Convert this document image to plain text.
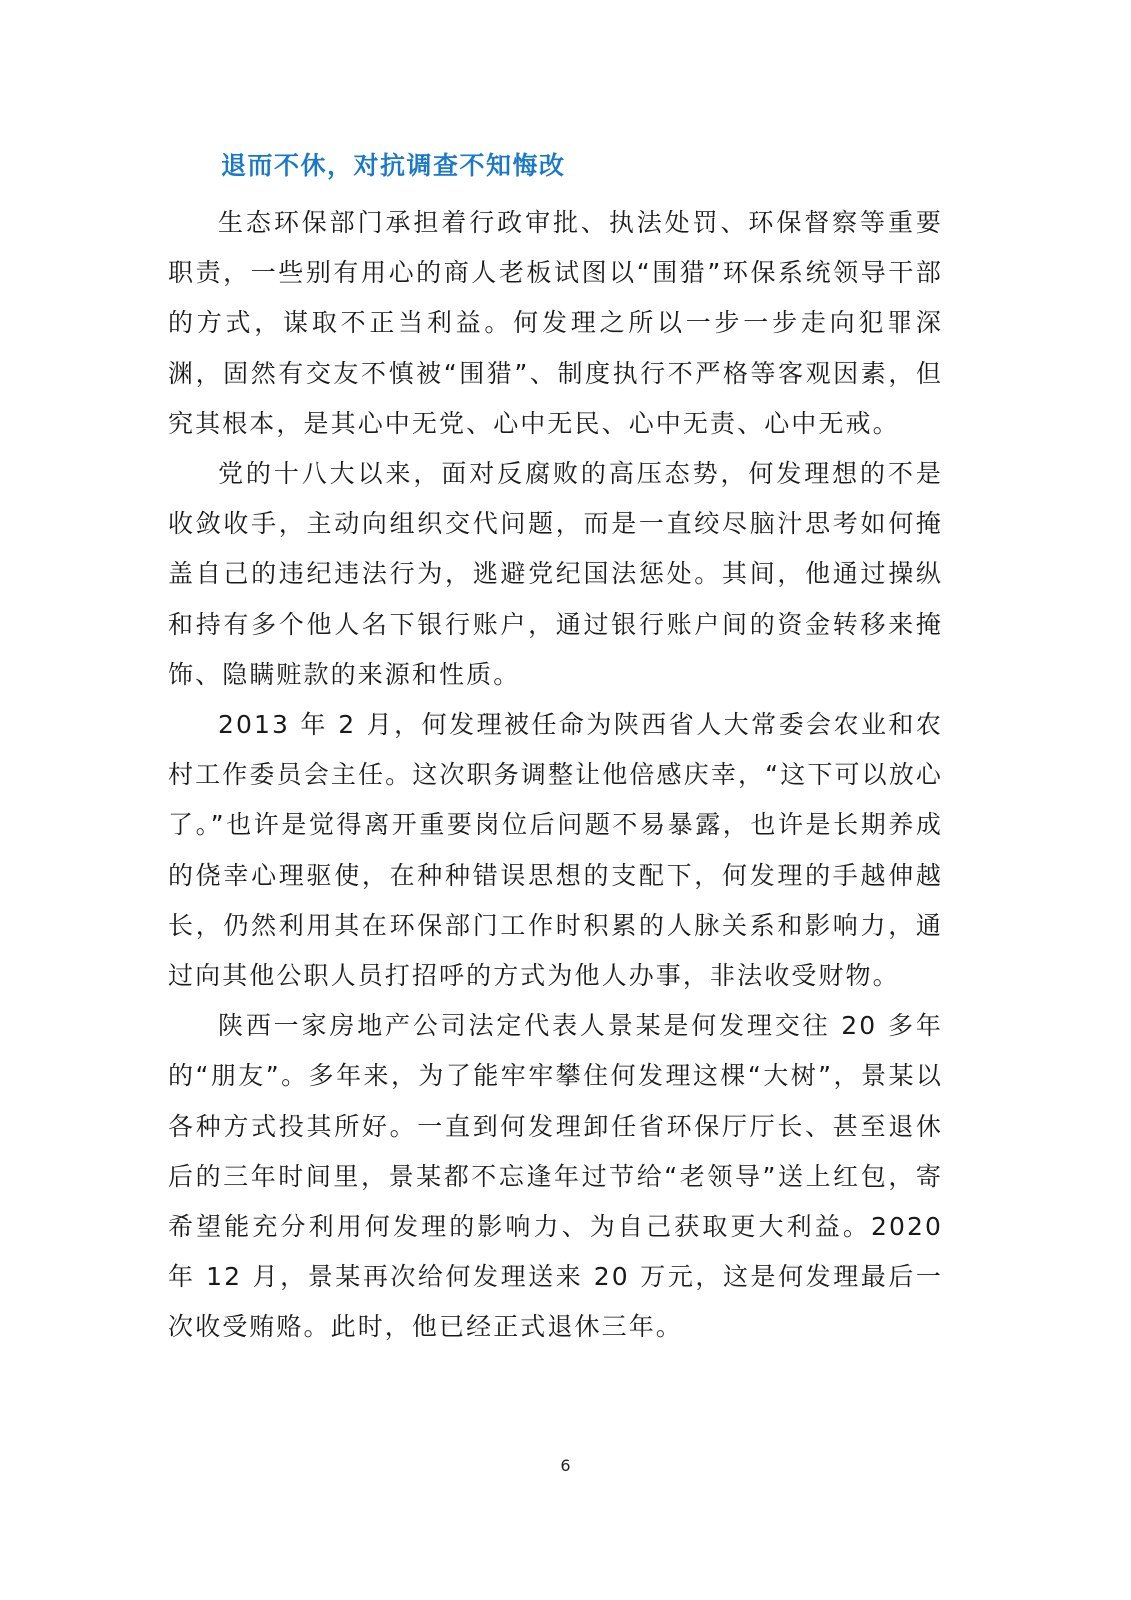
退而不休，对抗调查不知悔改

生态环保部门承担着行政审批、执法处罚、环保督察等重要职责，一些别有用心的商人老板试图以“围猎”环保系统领导干部的方式，谋取不正当利益。何发理之所以一步一步走向犯罪深渊，固然有交友不慎被“围猎”、制度执行不严格等客观因素，但究其根本，是其心中无党、心中无民、心中无责、心中无戒。

党的十八大以来，面对反腐败的高压态势，何发理想的不是收敛收手，主动向组织交代问题，而是一直绞尽脑汁思考如何掩盖自己的违纪违法行为，逃避党纪国法惩处。其间，他通过操纵和持有多个他人名下银行账户，通过银行账户间的资金转移来掩饰、隐瞒赃款的来源和性质。

2013 年 2 月，何发理被任命为陕西省人大常委会农业和农村工作委员会主任。这次职务调整让他倍感庆幸，“这下可以放心了。”也许是觉得离开重要岗位后问题不易暴露，也许是长期养成的侥幸心理驱使，在种种错误思想的支配下，何发理的手越伸越长，仍然利用其在环保部门工作时积累的人脉关系和影响力，通过向其他公职人员打招呼的方式为他人办事，非法收受财物。

陕西一家房地产公司法定代表人景某是何发理交往 20 多年的“朋友”。多年来，为了能牢牢攀住何发理这棵“大树”，景某以各种方式投其所好。一直到何发理卸任省环保厅厅长、甚至退休后的三年时间里，景某都不忘逢年过节给“老领导”送上红包，寄希望能充分利用何发理的影响力、为自己获取更大利益。2020 年 12 月，景某再次给何发理送来 20 万元，这是何发理最后一次收受贿赂。此时，他已经正式退休三年。

6
